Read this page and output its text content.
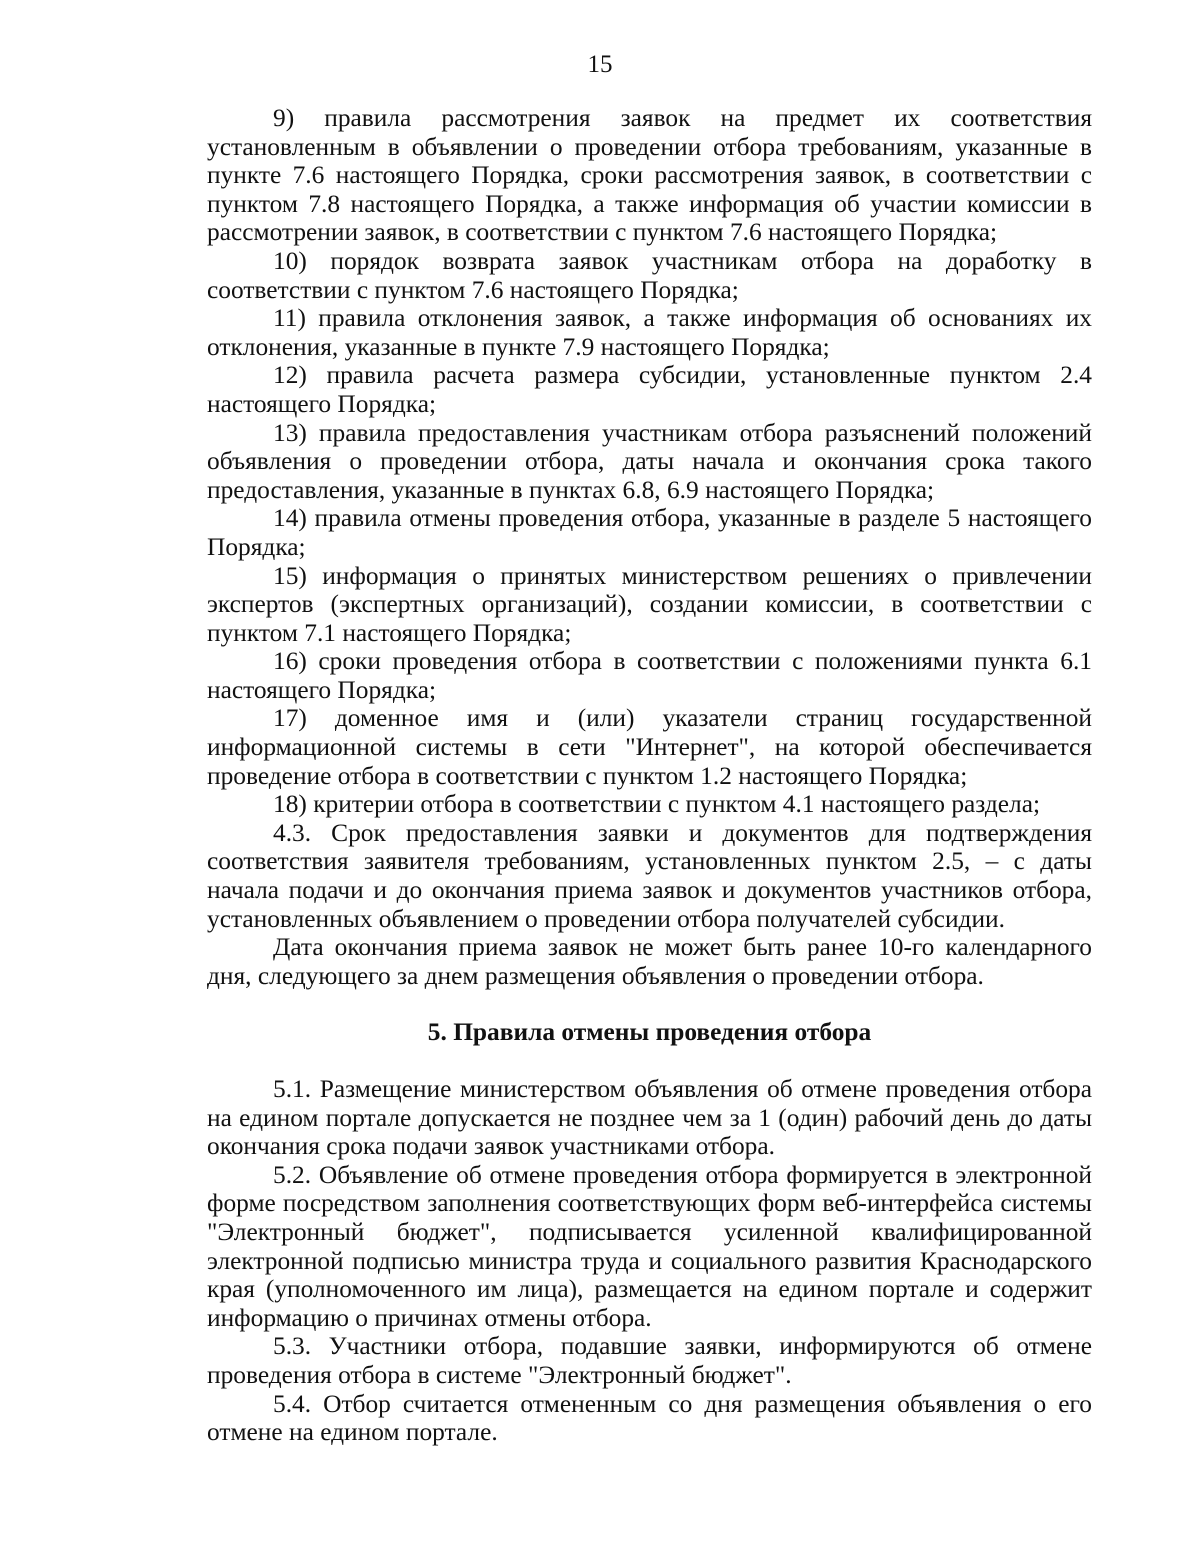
15

9) правила рассмотрения заявок на предмет их соответствия установленным в объявлении о проведении отбора требованиям, указанные в пункте 7.6 настоящего Порядка, сроки рассмотрения заявок, в соответствии с пунктом 7.8 настоящего Порядка, а также информация об участии комиссии в рассмотрении заявок, в соответствии с пунктом 7.6 настоящего Порядка;

10) порядок возврата заявок участникам отбора на доработку в соответствии с пунктом 7.6 настоящего Порядка;

11) правила отклонения заявок, а также информация об основаниях их отклонения, указанные в пункте 7.9 настоящего Порядка;

12) правила расчета размера субсидии, установленные пунктом 2.4 настоящего Порядка;

13) правила предоставления участникам отбора разъяснений положений объявления о проведении отбора, даты начала и окончания срока такого предоставления, указанные в пунктах 6.8, 6.9 настоящего Порядка;

14) правила отмены проведения отбора, указанные в разделе 5 настоящего Порядка;

15) информация о принятых министерством решениях о привлечении экспертов (экспертных организаций), создании комиссии, в соответствии с пунктом 7.1 настоящего Порядка;

16) сроки проведения отбора в соответствии с положениями пункта 6.1 настоящего Порядка;

17) доменное имя и (или) указатели страниц государственной информационной системы в сети "Интернет", на которой обеспечивается проведение отбора в соответствии с пунктом 1.2 настоящего Порядка;

18) критерии отбора в соответствии с пунктом 4.1 настоящего раздела;

4.3. Срок предоставления заявки и документов для подтверждения соответствия заявителя требованиям, установленных пунктом 2.5, – с даты начала подачи и до окончания приема заявок и документов участников отбора, установленных объявлением о проведении отбора получателей субсидии.

Дата окончания приема заявок не может быть ранее 10-го календарного дня, следующего за днем размещения объявления о проведении отбора.

5. Правила отмены проведения отбора

5.1. Размещение министерством объявления об отмене проведения отбора на едином портале допускается не позднее чем за 1 (один) рабочий день до даты окончания срока подачи заявок участниками отбора.

5.2. Объявление об отмене проведения отбора формируется в электронной форме посредством заполнения соответствующих форм веб-интерфейса системы "Электронный бюджет", подписывается усиленной квалифицированной электронной подписью министра труда и социального развития Краснодарского края (уполномоченного им лица), размещается на едином портале и содержит информацию о причинах отмены отбора.

5.3. Участники отбора, подавшие заявки, информируются об отмене проведения отбора в системе "Электронный бюджет".

5.4. Отбор считается отмененным со дня размещения объявления о его отмене на едином портале.
